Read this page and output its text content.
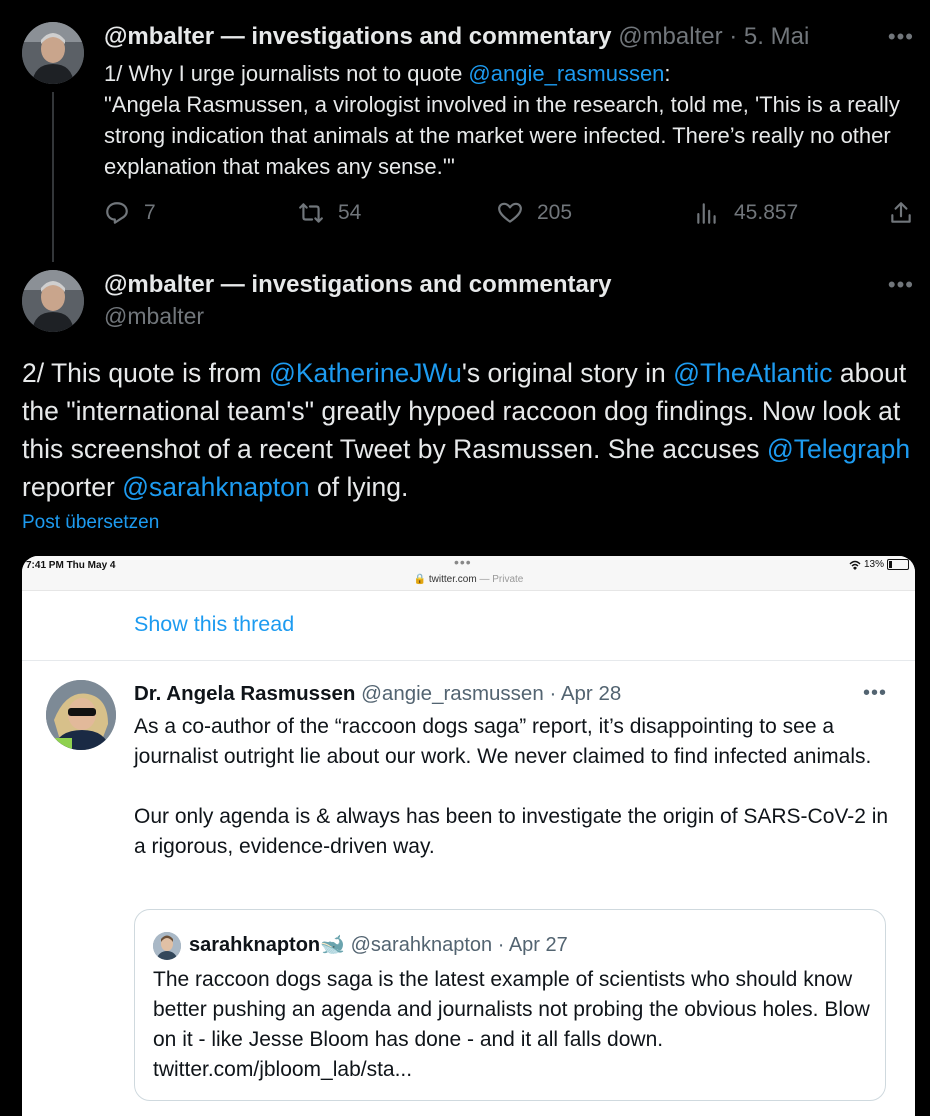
@mbalter — investigations and commentary @mbalter · 5. Mai	•••
1/ Why I urge journalists not to quote @angie_rasmussen:
"Angela Rasmussen, a virologist involved in the research, told me, 'This is a really strong indication that animals at the market were infected. There’s really no other explanation that makes any sense.'"
7	54	205	45.857
@mbalter — investigations and commentary
@mbalter
•••
2/ This quote is from @KatherineJWu's original story in @TheAtlantic about the "international team's" greatly hypoed raccoon dog findings. Now look at this screenshot of a recent Tweet by Rasmussen. She accuses @Telegraph reporter @sarahknapton of lying.
Post übersetzen
7:41 PM Thu May 4	•••
🔒 twitter.com — Private
13%
Show this thread
Dr. Angela Rasmussen @angie_rasmussen · Apr 28	•••

As a co-author of the “raccoon dogs saga” report, it’s disappointing to see a journalist outright lie about our work. We never claimed to find infected animals.

Our only agenda is & always has been to investigate the origin of SARS-CoV-2 in a rigorous, evidence-driven way.

sarahknapton🐋 @sarahknapton · Apr 27
The raccoon dogs saga is the latest example of scientists who should know better pushing an agenda and journalists not probing the obvious holes. Blow on it - like Jesse Bloom has done - and it all falls down. twitter.com/jbloom_lab/sta...
